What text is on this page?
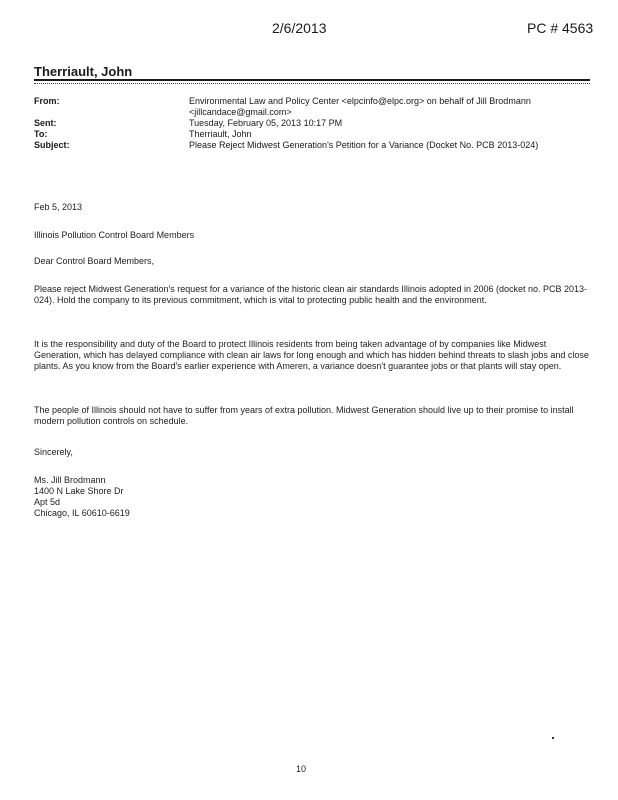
2/6/2013	PC # 4563
Therriault, John
From:	Environmental Law and Policy Center <elpcinfo@elpc.org> on behalf of Jill Brodmann
<jillcandace@gmail.com>
Sent:	Tuesday, February 05, 2013 10:17 PM
To:	Therriault, John
Subject:	Please Reject Midwest Generation's Petition for a Variance (Docket No. PCB 2013-024)
Feb 5, 2013
Illinois Pollution Control Board Members
Dear Control Board Members,
Please reject Midwest Generation's request for a variance of the historic clean air standards Illinois adopted in 2006 (docket no. PCB 2013-024). Hold the company to its previous commitment, which is vital to protecting public health and the environment.
It is the responsibility and duty of the Board to protect Illinois residents from being taken advantage of by companies like Midwest Generation, which has delayed compliance with clean air laws for long enough and which has hidden behind threats to slash jobs and close plants. As you know from the Board's earlier experience with Ameren, a variance doesn't guarantee jobs or that plants will stay open.
The people of Illinois should not have to suffer from years of extra pollution. Midwest Generation should live up to their promise to install modern pollution controls on schedule.
Sincerely,
Ms. Jill Brodmann
1400 N Lake Shore Dr
Apt 5d
Chicago, IL 60610-6619
10
